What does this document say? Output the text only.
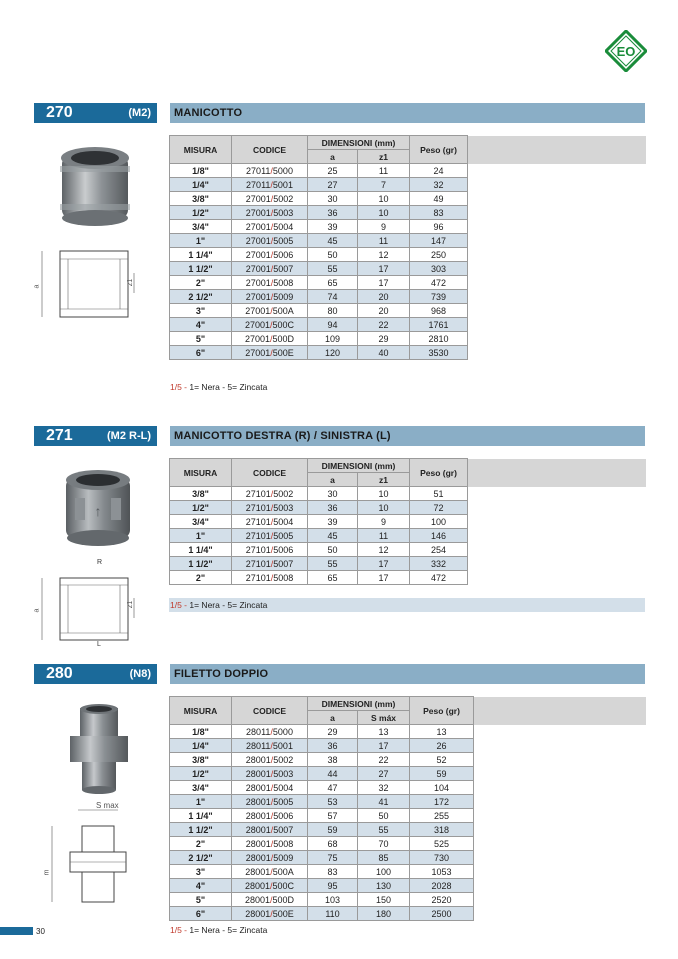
EO
270	(M2) MANICOTTO
a
z1
MISURA	CODICE	DIMENSIONI (mm)		Peso (gr)	
		a	z1		
1/8"	27011/5000	25	11	24	
1/4"	27011/5001	27	7	32	
3/8"	27001/5002	30	10	49	
1/2"	27001/5003	36	10	83	
3/4"	27001/5004	39	9	96	
1"	27001/5005	45	11	147	
1 1/4"	27001/5006	50	12	250	
1 1/2"	27001/5007	55	17	303	
2"	27001/5008	65	17	472	
2 1/2"	27001/5009	74	20	739	
3"	27001/500A	80	20	968	
4"	27001/500C	94	22	1761	
5"	27001/500D	109	29	2810	
6"	27001/500E	120	40	3530	
1/5 - 1= Nera - 5= Zincata
271	(M2 R-L) MANICOTTO DESTRA (R) / SINISTRA (L)
↑
R
L
a
z1
MISURA	CODICE	DIMENSIONI (mm)		Peso (gr)	
		a	z1		
3/8"	27101/5002	30	10	51	
1/2"	27101/5003	36	10	72	
3/4"	27101/5004	39	9	100	
1"	27101/5005	45	11	146	
1 1/4"	27101/5006	50	12	254	
1 1/2"	27101/5007	55	17	332	
2"	27101/5008	65	17	472	
1/5 - 1= Nera - 5= Zincata
280	(N8) FILETTO DOPPIO
S max
m
MISURA	CODICE	DIMENSIONI (mm)		Peso (gr)	
		a	S máx		
1/8"	28011/5000	29	13	13	
1/4"	28011/5001	36	17	26	
3/8"	28001/5002	38	22	52	
1/2"	28001/5003	44	27	59	
3/4"	28001/5004	47	32	104	
1"	28001/5005	53	41	172	
1 1/4"	28001/5006	57	50	255	
1 1/2"	28001/5007	59	55	318	
2"	28001/5008	68	70	525	
2 1/2"	28001/5009	75	85	730	
3"	28001/500A	83	100	1053	
4"	28001/500C	95	130	2028	
5"	28001/500D	103	150	2520	
6"	28001/500E	110	180	2500	
1/5 - 1= Nera - 5= Zincata
30
